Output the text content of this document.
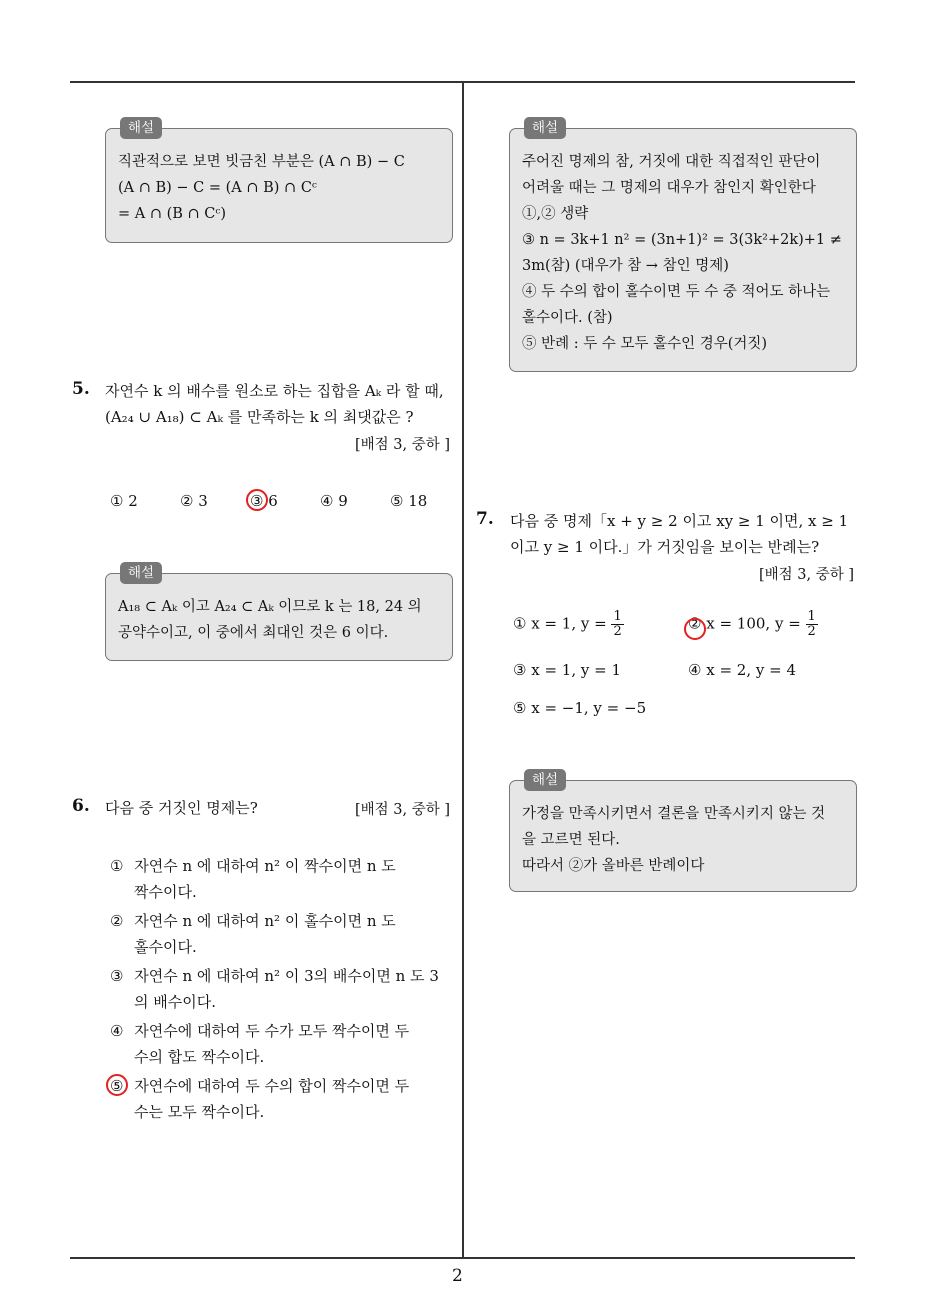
2
해설
직관적으로 보면 빗금친 부분은 (A ∩ B) − C
(A ∩ B) − C = (A ∩ B) ∩ Cᶜ
= A ∩ (B ∩ Cᶜ)
5. 자연수 k 의 배수를 원소로 하는 집합을 Aₖ 라 할 때,
(A₂₄ ∪ A₁₈) ⊂ Aₖ 를 만족하는 k 의 최댓값은 ?
[배점 3, 중하 ]
① 2	② 3	③ 6	④ 9	⑤ 18
해설
A₁₈ ⊂ Aₖ 이고 A₂₄ ⊂ Aₖ 이므로 k 는 18, 24 의
공약수이고, 이 중에서 최대인 것은 6 이다.
6. 다음 중 거짓인 명제는?	[배점 3, 중하 ]
① 자연수 n 에 대하여 n² 이 짝수이면 n 도
짝수이다.
② 자연수 n 에 대하여 n² 이 홀수이면 n 도
홀수이다.
③ 자연수 n 에 대하여 n² 이 3의 배수이면 n 도 3
의 배수이다.
④ 자연수에 대하여 두 수가 모두 짝수이면 두
수의 합도 짝수이다.
⑤ 자연수에 대하여 두 수의 합이 짝수이면 두
수는 모두 짝수이다.
해설
주어진 명제의 참, 거짓에 대한 직접적인 판단이
어려울 때는 그 명제의 대우가 참인지 확인한다
①,② 생략
③ n = 3k+1 n² = (3n+1)² = 3(3k²+2k)+1 ≠
3m(참) (대우가 참 → 참인 명제)
④ 두 수의 합이 홀수이면 두 수 중 적어도 하나는
홀수이다. (참)
⑤ 반례 : 두 수 모두 홀수인 경우(거짓)
7. 다음 중 명제「x + y ≥ 2 이고 xy ≥ 1 이면, x ≥ 1
이고 y ≥ 1 이다.」가 거짓임을 보이는 반례는?
[배점 3, 중하 ]
① x = 1, $y = \frac{1}{2}$	② x = 100, $y = \frac{1}{2}$
③ x = 1, y = 1	④ x = 2, y = 4
⑤ x = −1, y = −5
해설
가정을 만족시키면서 결론을 만족시키지 않는 것
을 고르면 된다.
따라서 ②가 올바른 반례이다
